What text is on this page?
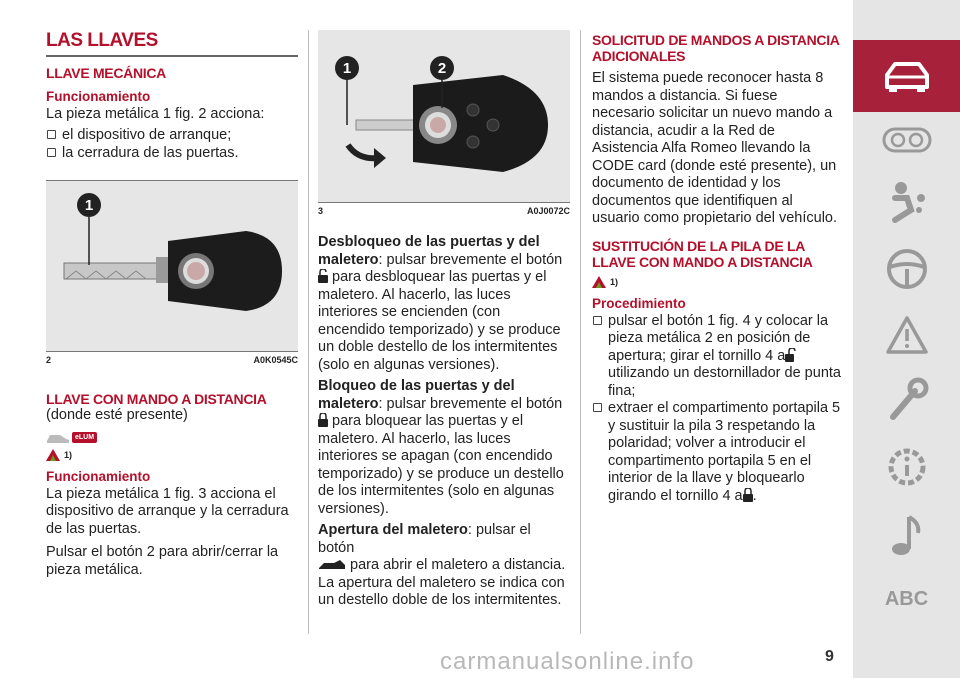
LAS LLAVES
LLAVE MECÁNICA
Funcionamiento

La pieza metálica 1 fig. 2 acciona:

el dispositivo de arranque;
la cerradura de las puertas.
1
2	A0K0545C
LLAVE CON MANDO A DISTANCIA

(donde esté presente)

eLUM
1)
Funcionamiento

La pieza metálica 1 fig. 3 acciona el dispositivo de arranque y la cerradura de las puertas.

Pulsar el botón 2 para abrir/cerrar la pieza metálica.

1	2
3	A0J0072C

Desbloqueo de las puertas y del maletero: pulsar brevemente el botón  para desbloquear las puertas y el maletero. Al hacerlo, las luces interiores se encienden (con encendido temporizado) y se produce un doble destello de los intermitentes (solo en algunas versiones).

Bloqueo de las puertas y del maletero: pulsar brevemente el botón  para bloquear las puertas y el maletero. Al hacerlo, las luces interiores se apagan (con encendido temporizado) y se produce un destello de los intermitentes (solo en algunas versiones).

Apertura del maletero: pulsar el botón
para abrir el maletero a distancia. La apertura del maletero se indica con un destello doble de los intermitentes.

SOLICITUD DE MANDOS A DISTANCIA ADICIONALES

El sistema puede reconocer hasta 8 mandos a distancia. Si fuese necesario solicitar un nuevo mando a distancia, acudir a la Red de Asistencia Alfa Romeo llevando la CODE card (donde esté presente), un documento de identidad y los documentos que identifiquen al usuario como propietario del vehículo.

SUSTITUCIÓN DE LA PILA DE LA LLAVE CON MANDO A DISTANCIA
1)
Procedimiento
pulsar el botón 1 fig. 4 y colocar la pieza metálica 2 en posición de apertura; girar el tornillo 4 a utilizando un destornillador de punta fina;
extraer el compartimento portapila 5 y sustituir la pila 3 respetando la polaridad; volver a introducir el compartimento portapila 5 en el interior de la llave y bloquearlo girando el tornillo 4 a .
ABC
carmanualsonline.info	9
